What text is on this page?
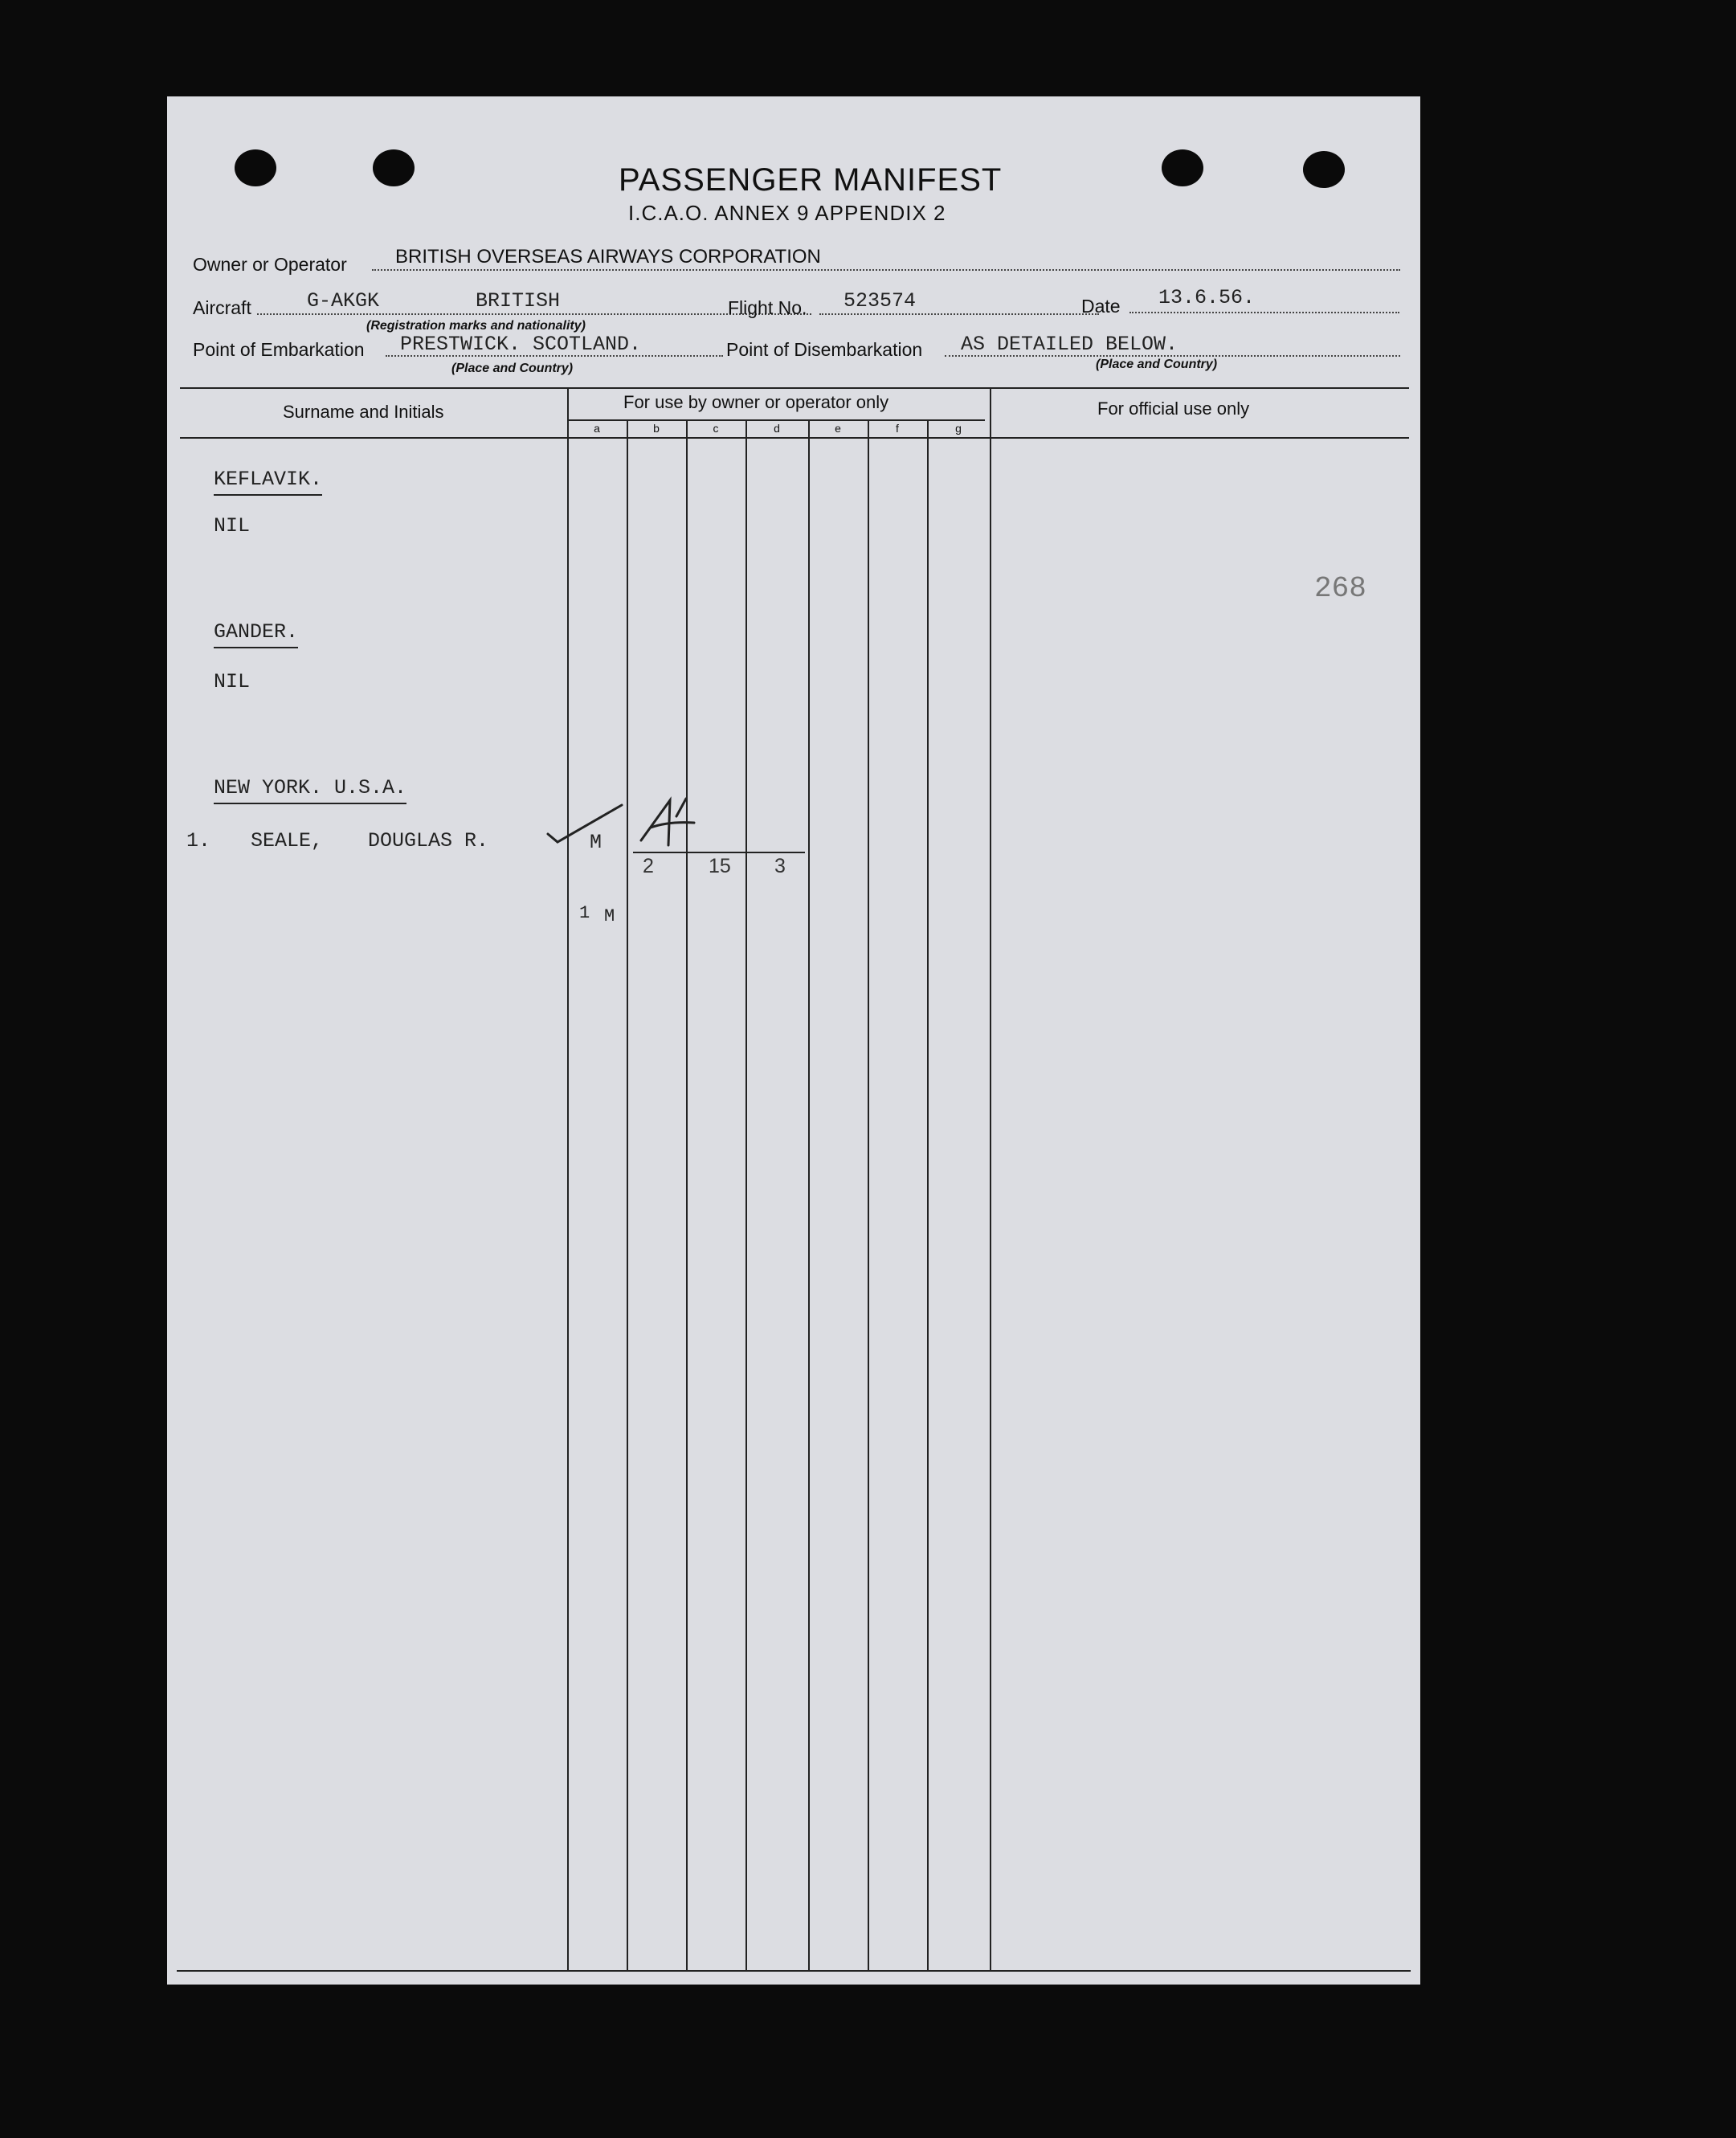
PASSENGER MANIFEST
I.C.A.O. ANNEX 9 APPENDIX 2
Owner or Operator	BRITISH OVERSEAS AIRWAYS CORPORATION
Aircraft	G-AKGK	BRITISH
(Registration marks and nationality)
Flight No. 523574	Date 13.6.56.
Point of Embarkation PRESTWICK. SCOTLAND.
(Place and Country)
Point of Disembarkation AS DETAILED BELOW.
(Place and Country)
Surname and Initials	For use by owner or operator only	For official use only
a	b	c	d	e	f	g
KEFLAVIK.
NIL
GANDER.
NIL
NEW YORK. U.S.A.
1. SEALE, DOUGLAS R.	M
2	15 3
1 M
268
